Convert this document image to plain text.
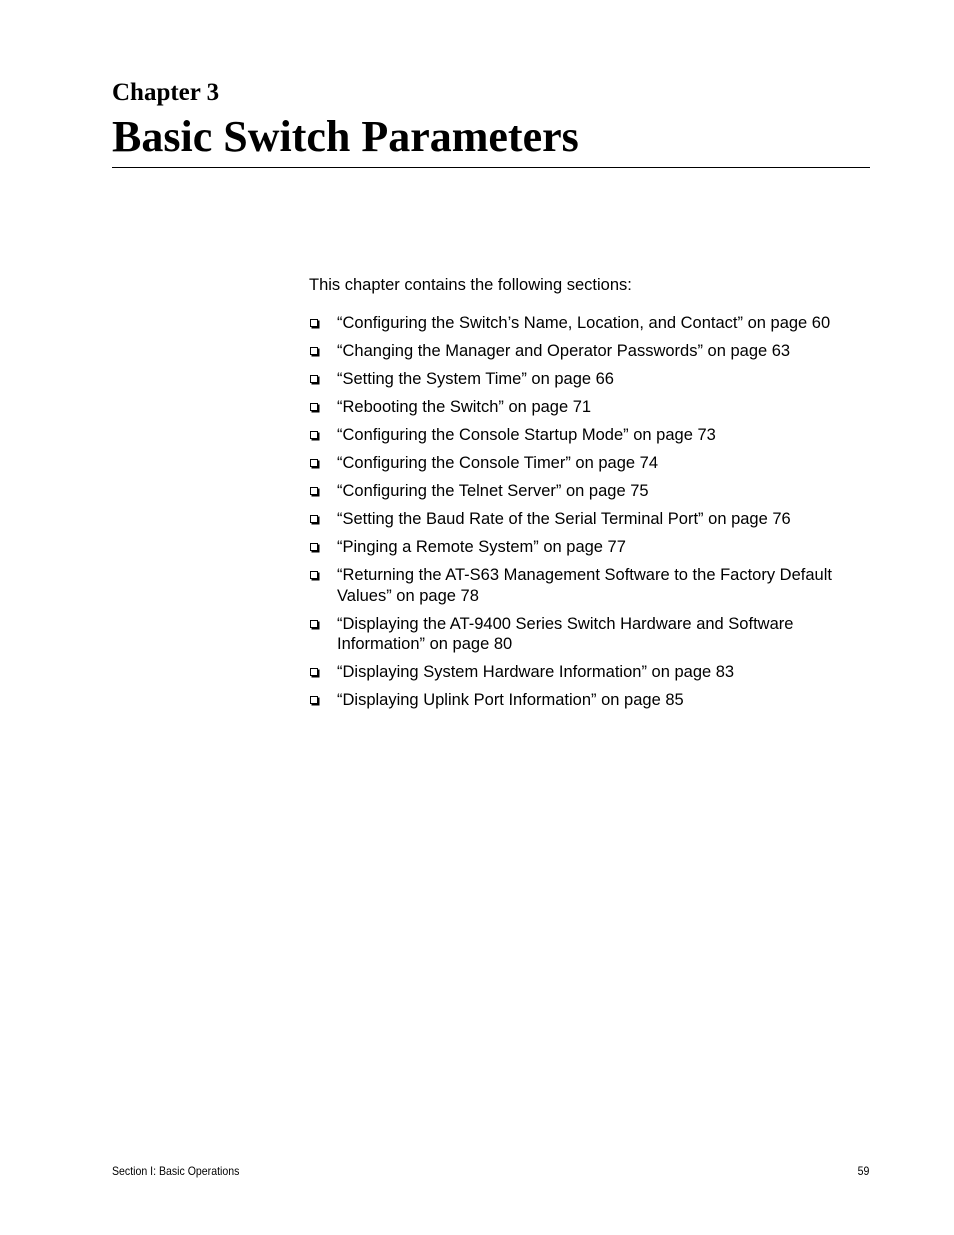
Chapter 3
Basic Switch Parameters

This chapter contains the following sections:

“Configuring the Switch’s Name, Location, and Contact” on page 60
“Changing the Manager and Operator Passwords” on page 63
“Setting the System Time” on page 66
“Rebooting the Switch” on page 71
“Configuring the Console Startup Mode” on page 73
“Configuring the Console Timer” on page 74
“Configuring the Telnet Server” on page 75
“Setting the Baud Rate of the Serial Terminal Port” on page 76
“Pinging a Remote System” on page 77
“Returning the AT-S63 Management Software to the Factory Default Values” on page 78
“Displaying the AT-9400 Series Switch Hardware and Software Information” on page 80
“Displaying System Hardware Information” on page 83
“Displaying Uplink Port Information” on page 85
Section I: Basic Operations	59
